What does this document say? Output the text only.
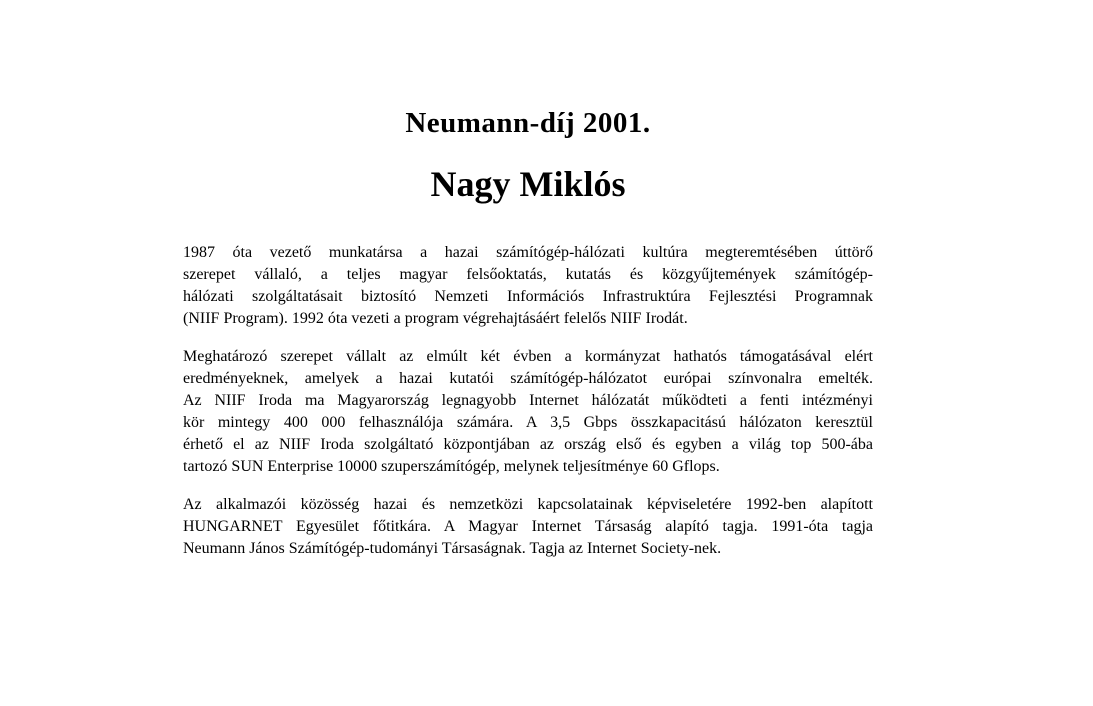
Neumann-díj 2001.
Nagy Miklós
1987 óta vezető munkatársa a hazai számítógép-hálózati kultúra megteremtésében úttörő
szerepet vállaló, a teljes magyar felsőoktatás, kutatás és közgyűjtemények számítógép-
hálózati szolgáltatásait biztosító Nemzeti Információs Infrastruktúra Fejlesztési Programnak
(NIIF Program). 1992 óta vezeti a program végrehajtásáért felelős NIIF Irodát.
Meghatározó szerepet vállalt az elmúlt két évben a kormányzat hathatós támogatásával elért
eredményeknek, amelyek a hazai kutatói számítógép-hálózatot európai színvonalra emelték.
Az NIIF Iroda ma Magyarország legnagyobb Internet hálózatát működteti a fenti intézményi
kör mintegy 400 000 felhasználója számára. A 3,5 Gbps összkapacitású hálózaton keresztül
érhető el az NIIF Iroda szolgáltató központjában az ország első és egyben a világ top 500-ába
tartozó SUN Enterprise 10000 szuperszámítógép, melynek teljesítménye 60 Gflops.
Az alkalmazói közösség hazai és nemzetközi kapcsolatainak képviseletére 1992-ben alapított
HUNGARNET Egyesület főtitkára. A Magyar Internet Társaság alapító tagja. 1991-óta tagja
Neumann János Számítógép-tudományi Társaságnak. Tagja az Internet Society-nek.
